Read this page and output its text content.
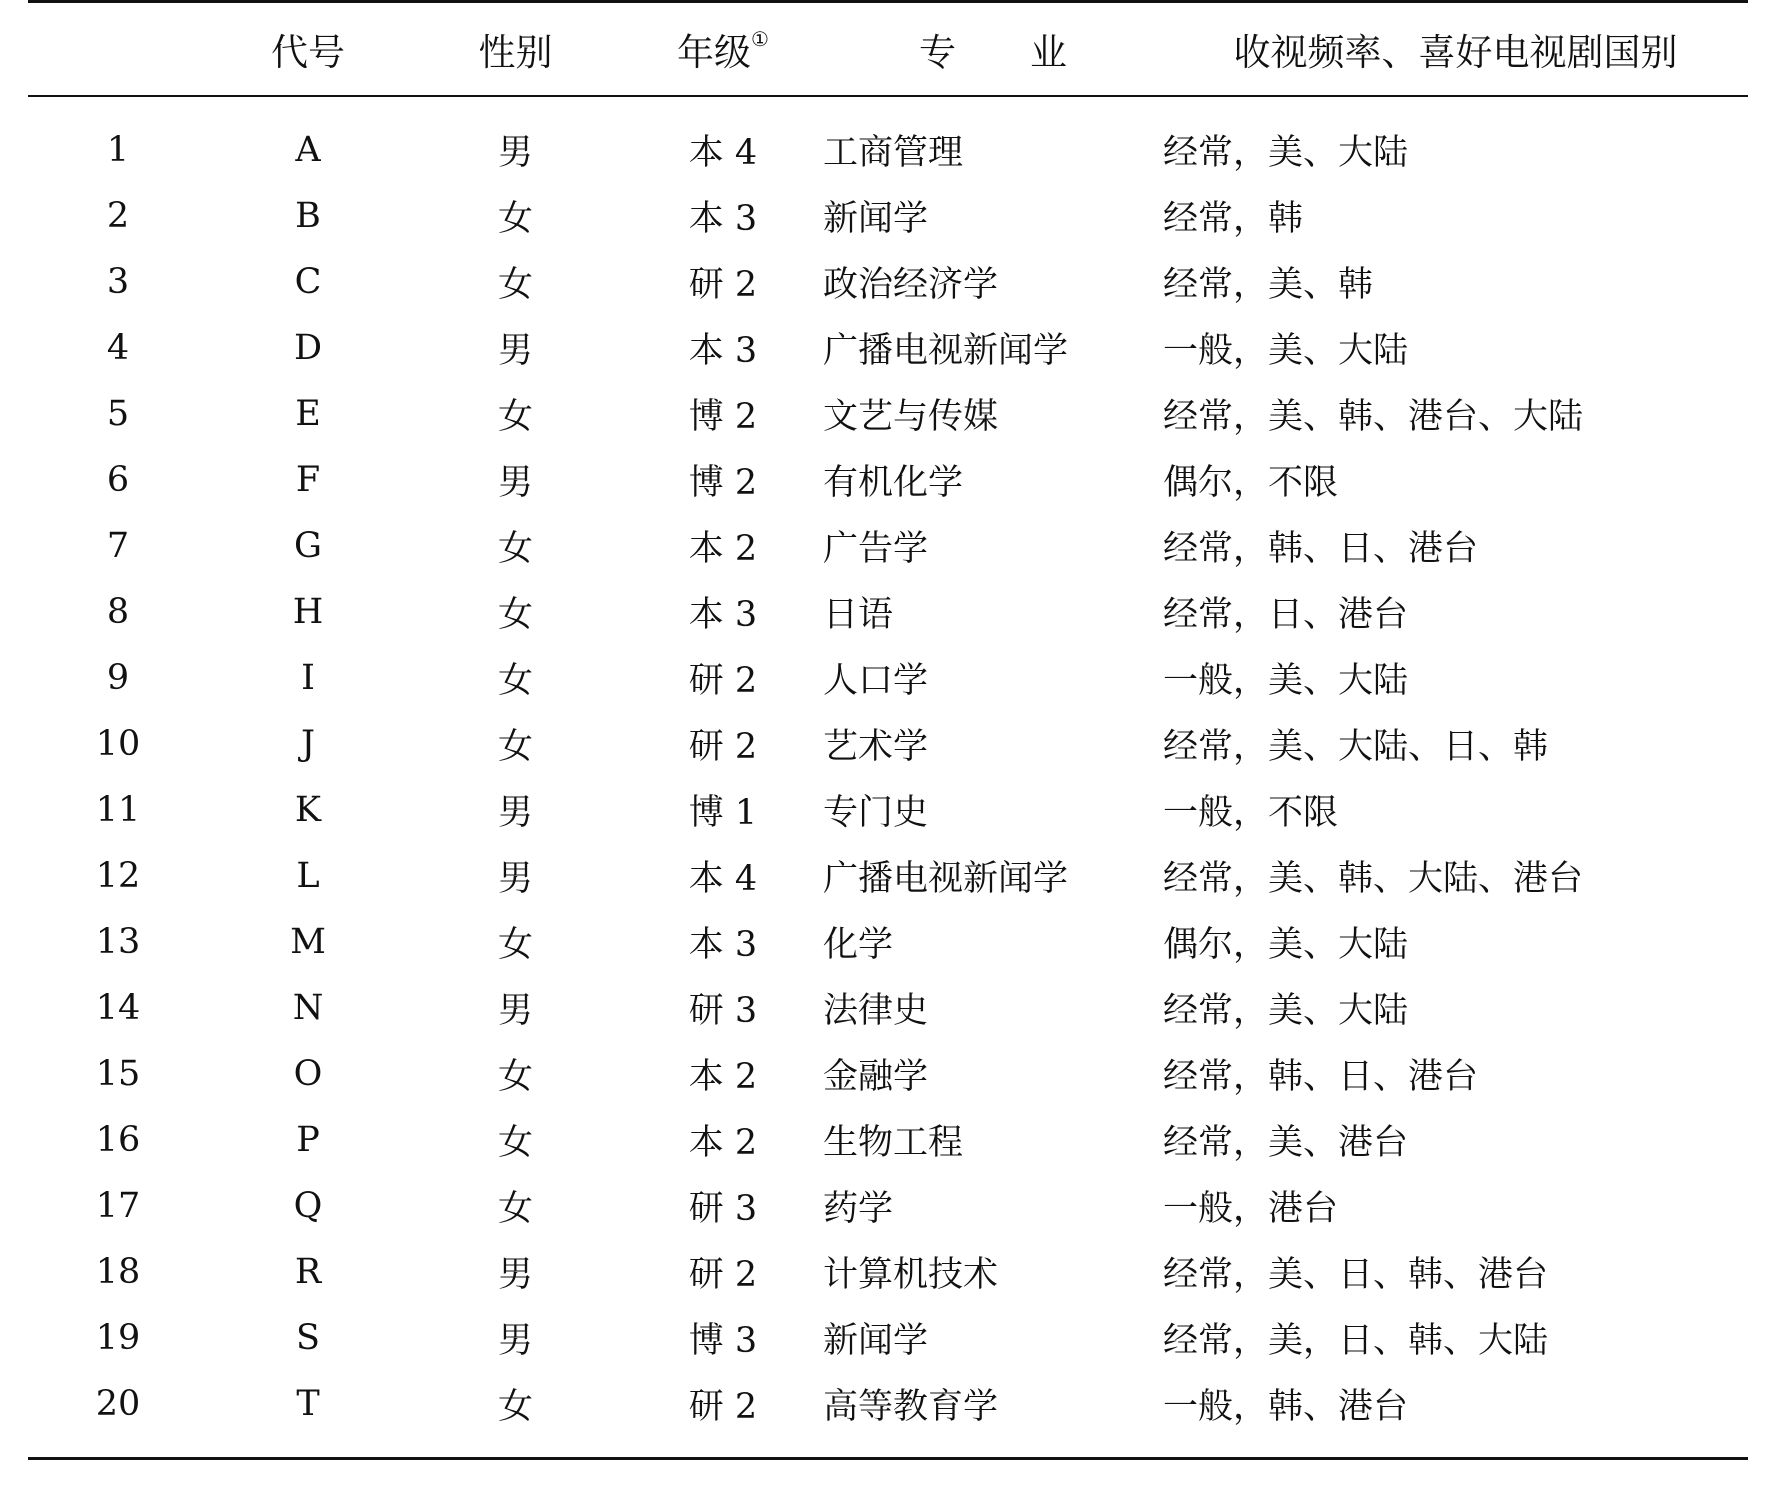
	代号	性别	年级①	专　　业	收视频率、喜好电视剧国别
1	A	男	本 4	工商管理	经常，美、大陆
2	B	女	本 3	新闻学	经常，韩
3	C	女	研 2	政治经济学	经常，美、韩
4	D	男	本 3	广播电视新闻学	一般，美、大陆
5	E	女	博 2	文艺与传媒	经常，美、韩、港台、大陆
6	F	男	博 2	有机化学	偶尔，不限
7	G	女	本 2	广告学	经常，韩、日、港台
8	H	女	本 3	日语	经常，日、港台
9	I	女	研 2	人口学	一般，美、大陆
10	J	女	研 2	艺术学	经常，美、大陆、日、韩
11	K	男	博 1	专门史	一般，不限
12	L	男	本 4	广播电视新闻学	经常，美、韩、大陆、港台
13	M	女	本 3	化学	偶尔，美、大陆
14	N	男	研 3	法律史	经常，美、大陆
15	O	女	本 2	金融学	经常，韩、日、港台
16	P	女	本 2	生物工程	经常，美、港台
17	Q	女	研 3	药学	一般，港台
18	R	男	研 2	计算机技术	经常，美、日、韩、港台
19	S	男	博 3	新闻学	经常，美，日、韩、大陆
20	T	女	研 2	高等教育学	一般，韩、港台
